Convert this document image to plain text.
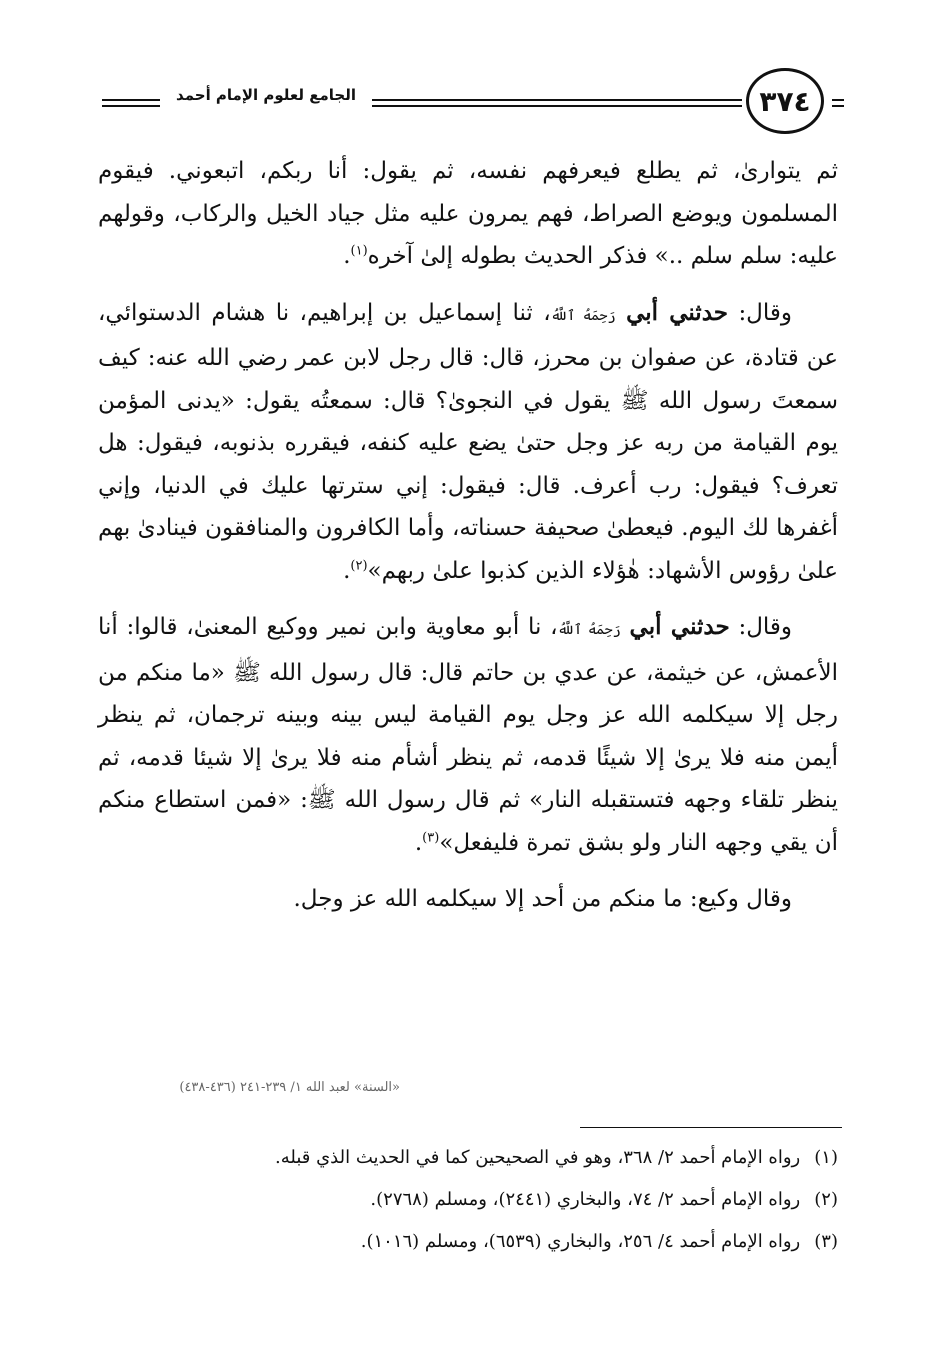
الجامع لعلوم الإمام أحمد	٣٧٤

ثم يتوارىٰ، ثم يطلع فيعرفهم نفسه، ثم يقول: أنا ربكم، اتبعوني. فيقوم المسلمون ويوضع الصراط، فهم يمرون عليه مثل جياد الخيل والركاب، وقولهم عليه: سلم سلم ..» فذكر الحديث بطوله إلىٰ آخره$^{(١)}$.

وقال: حدثني أبي رَحِمَهُ ٱللَّهُ، ثنا إسماعيل بن إبراهيم، نا هشام الدستوائي، عن قتادة، عن صفوان بن محرز، قال: قال رجل لابن عمر رضي الله عنه: كيف سمعتَ رسول الله ﷺ يقول في النجوىٰ؟ قال: سمعتُه يقول: «يدنى المؤمن يوم القيامة من ربه عز وجل حتىٰ يضع عليه كنفه، فيقرره بذنوبه، فيقول: هل تعرف؟ فيقول: رب أعرف. قال: فيقول: إني سترتها عليك في الدنيا، وإني أغفرها لك اليوم. فيعطىٰ صحيفة حسناته، وأما الكافرون والمنافقون فينادىٰ بهم علىٰ رؤوس الأشهاد: هٰؤلاء الذين كذبوا علىٰ ربهم»$^{(٢)}$.

وقال: حدثني أبي رَحِمَهُ ٱللَّهُ، نا أبو معاوية وابن نمير ووكيع المعنىٰ، قالوا: أنا الأعمش، عن خيثمة، عن عدي بن حاتم قال: قال رسول الله ﷺ «ما منكم من رجل إلا سيكلمه الله عز وجل يوم القيامة ليس بينه وبينه ترجمان، ثم ينظر أيمن منه فلا يرىٰ إلا شيئًا قدمه، ثم ينظر أشأم منه فلا يرىٰ إلا شيئا قدمه، ثم ينظر تلقاء وجهه فتستقبله النار» ثم قال رسول الله ﷺ: «فمن استطاع منكم أن يقي وجهه النار ولو بشق تمرة فليفعل»$^{(٣)}$.

وقال وكيع: ما منكم من أحد إلا سيكلمه الله عز وجل.

«السنة» لعبد الله ١/ ٢٣٩-٢٤١ (٤٣٦-٤٣٨)

(١)رواه الإمام أحمد ٢/ ٣٦٨، وهو في الصحيحين كما في الحديث الذي قبله.

(٢)رواه الإمام أحمد ٢/ ٧٤، والبخاري (٢٤٤١)، ومسلم (٢٧٦٨).

(٣)رواه الإمام أحمد ٤/ ٢٥٦، والبخاري (٦٥٣٩)، ومسلم (١٠١٦).
